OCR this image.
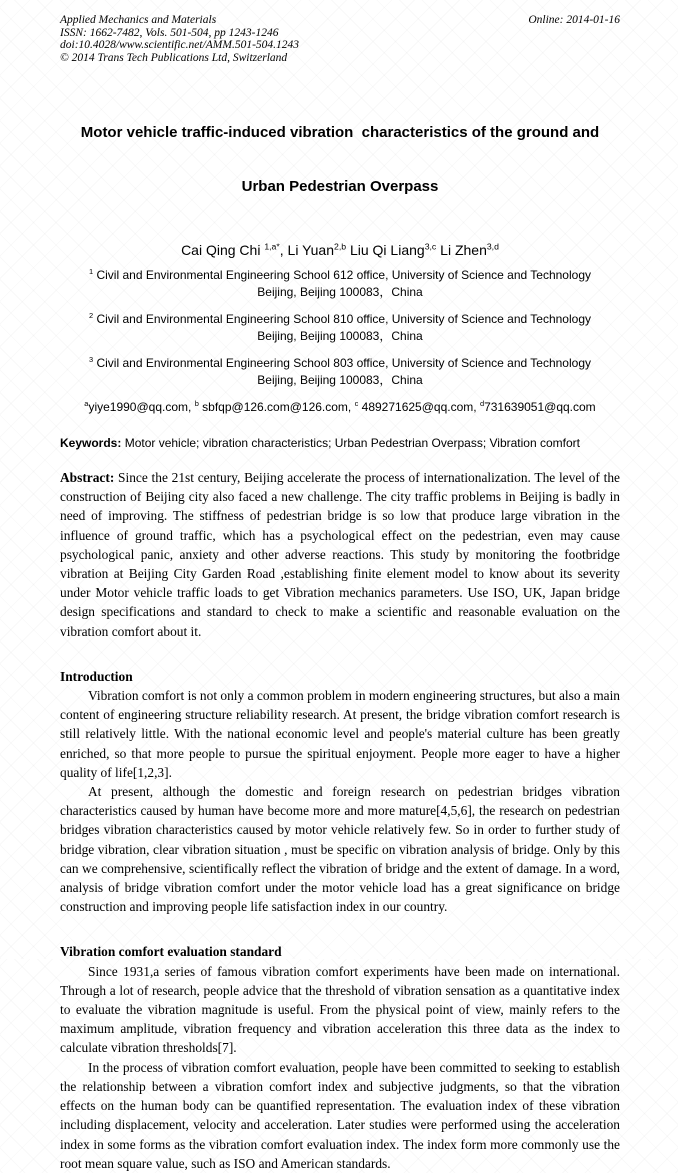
Applied Mechanics and Materials
ISSN: 1662-7482, Vols. 501-504, pp 1243-1246
doi:10.4028/www.scientific.net/AMM.501-504.1243
© 2014 Trans Tech Publications Ltd, Switzerland
Online: 2014-01-16

Motor vehicle traffic-induced vibration  characteristics of the ground and

Urban Pedestrian Overpass

Cai Qing Chi $^{1,a*}$, Li Yuan$^{2,b}$ Liu Qi Liang$^{3,c}$ Li Zhen$^{3,d}$
$^1$ Civil and Environmental Engineering School 612 office, University of Science and Technology Beijing, Beijing 100083，China
$^2$ Civil and Environmental Engineering School 810 office, University of Science and Technology Beijing, Beijing 100083，China
$^3$ Civil and Environmental Engineering School 803 office, University of Science and Technology Beijing, Beijing 100083，China
$^a$yiye1990@qq.com, $^b$ sbfqp@126.com@126.com, $^c$ 489271625@qq.com, $^d$731639051@qq.com
Keywords: Motor vehicle; vibration characteristics; Urban Pedestrian Overpass; Vibration comfort
Abstract: Since the 21st century, Beijing accelerate the process of internationalization. The level of the construction of Beijing city also faced a new challenge. The city traffic problems in Beijing is badly in need of improving. The stiffness of pedestrian bridge is so low that produce large vibration in the influence of ground traffic, which has a psychological effect on the pedestrian, even may cause psychological panic, anxiety and other adverse reactions. This study by monitoring the footbridge vibration at Beijing City Garden Road ,establishing finite element model to know about its severity under Motor vehicle traffic loads to get Vibration mechanics parameters. Use ISO, UK, Japan bridge design specifications and standard to check to make a scientific and reasonable evaluation on the vibration comfort about it.
Introduction

Vibration comfort is not only a common problem in modern engineering structures, but also a main content of engineering structure reliability research. At present, the bridge vibration comfort research is still relatively little. With the national economic level and people's material culture has been greatly enriched, so that more people to pursue the spiritual enjoyment. People more eager to have a higher quality of life[1,2,3].

At present, although the domestic and foreign research on pedestrian bridges vibration characteristics caused by human have become more and more mature[4,5,6], the research on pedestrian bridges vibration characteristics caused by motor vehicle relatively few. So in order to further study of bridge vibration, clear vibration situation , must be specific on vibration analysis of bridge. Only by this can we comprehensive, scientifically reflect the vibration of bridge and the extent of damage. In a word, analysis of bridge vibration comfort under the motor vehicle load has a great significance on bridge construction and improving people life satisfaction index in our country.

Vibration comfort evaluation standard

Since 1931,a series of famous vibration comfort experiments have been made on international. Through a lot of research, people advice that the threshold of vibration sensation as a quantitative index to evaluate the vibration magnitude is useful. From the physical point of view, mainly refers to the maximum amplitude, vibration frequency and vibration acceleration this three data as the index to calculate vibration thresholds[7].

In the process of vibration comfort evaluation, people have been committed to seeking to establish the relationship between a vibration comfort index and subjective judgments, so that the vibration effects on the human body can be quantified representation. The evaluation index of these vibration including displacement, velocity and acceleration. Later studies were performed using the acceleration index in some forms as the vibration comfort evaluation index. The index form more commonly use the root mean square value, such as ISO and American standards.
